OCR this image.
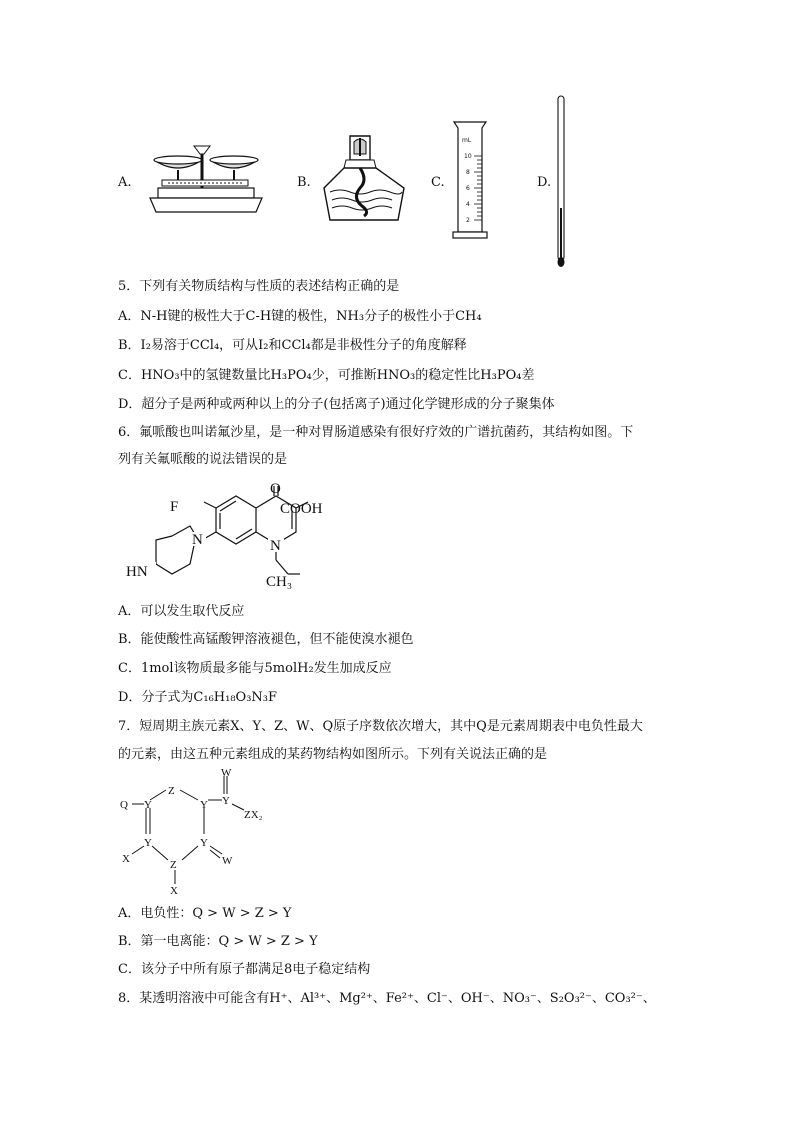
A.	B.	C.
mL
10
8
6
4
2
D.
5．下列有关物质结构与性质的表述结构正确的是
A．N-H键的极性大于C-H键的极性，NH₃分子的极性小于CH₄
B．I₂易溶于CCl₄，可从I₂和CCl₄都是非极性分子的角度解释
C．HNO₃中的氢键数量比H₃PO₄少，可推断HNO₃的稳定性比H₃PO₄差
D．超分子是两种或两种以上的分子(包括离子)通过化学键形成的分子聚集体
6．氟哌酸也叫诺氟沙星，是一种对胃肠道感染有很好疗效的广谱抗菌药，其结构如图。下
列有关氟哌酸的说法错误的是
F
O
COOH
N
N
HN
CH₃
A．可以发生取代反应
B．能使酸性高锰酸钾溶液褪色，但不能使溴水褪色
C．1mol该物质最多能与5molH₂发生加成反应
D．分子式为C₁₆H₁₈O₃N₃F
7．短周期主族元素X、Y、Z、W、Q原子序数依次增大，其中Q是元素周期表中电负性最大
的元素，由这五种元素组成的某药物结构如图所示。下列有关说法正确的是
W
Q Y
Z
Y Y
ZX₂
Y	Y
X	W
Z
X
A．电负性：Q > W > Z > Y
B．第一电离能：Q > W > Z > Y
C．该分子中所有原子都满足8电子稳定结构
8．某透明溶液中可能含有H⁺、Al³⁺、Mg²⁺、Fe²⁺、Cl⁻、OH⁻、NO₃⁻、S₂O₃²⁻、CO₃²⁻、
